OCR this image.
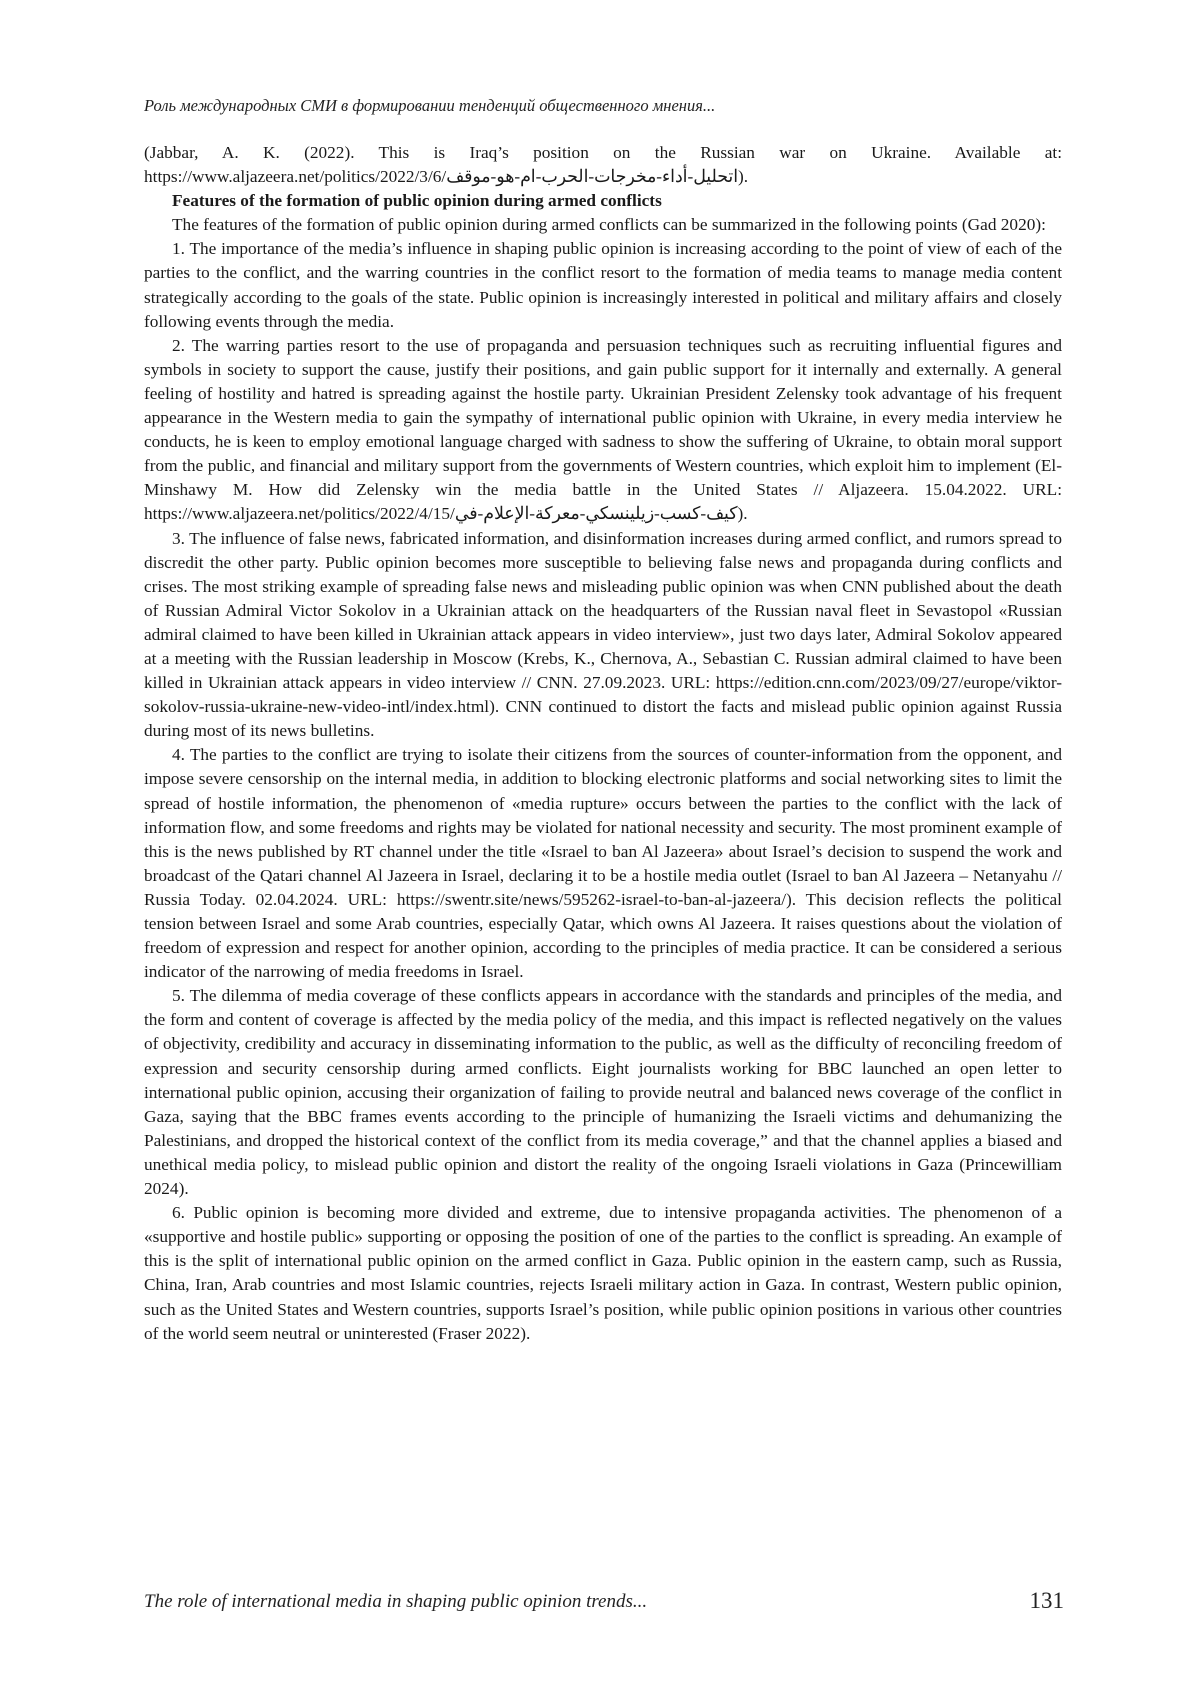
Роль международных СМИ в формировании тенденций общественного мнения...

(Jabbar, A. K. (2022). This is Iraq’s position on the Russian war on Ukraine. Available at: https://www.aljazeera.net/politics/2022/3/6/اتحليل-أداء-مخرجات-الحرب-ام-هو-موقف).

Features of the formation of public opinion during armed conflicts

The features of the formation of public opinion during armed conflicts can be summarized in the following points (Gad 2020):

1. The importance of the media’s influence in shaping public opinion is increasing according to the point of view of each of the parties to the conflict, and the warring countries in the conflict resort to the formation of media teams to manage media content strategically according to the goals of the state. Public opinion is increasingly interested in political and military affairs and closely following events through the media.

2. The warring parties resort to the use of propaganda and persuasion techniques such as recruiting influential figures and symbols in society to support the cause, justify their positions, and gain public support for it internally and externally. A general feeling of hostility and hatred is spreading against the hostile party. Ukrainian President Zelensky took advantage of his frequent appearance in the Western media to gain the sympathy of international public opinion with Ukraine, in every media interview he conducts, he is keen to employ emotional language charged with sadness to show the suffering of Ukraine, to obtain moral support from the public, and financial and military support from the governments of Western countries, which exploit him to implement (El-Minshawy M. How did Zelensky win the media battle in the United States // Aljazeera. 15.04.2022. URL: https://www.aljazeera.net/politics/2022/4/15/كيف-كسب-زيلينسكي-معركة-الإعلام-في).

3. The influence of false news, fabricated information, and disinformation increases during armed conflict, and rumors spread to discredit the other party. Public opinion becomes more susceptible to believing false news and propaganda during conflicts and crises. The most striking example of spreading false news and misleading public opinion was when CNN published about the death of Russian Admiral Victor Sokolov in a Ukrainian attack on the headquarters of the Russian naval fleet in Sevastopol «Russian admiral claimed to have been killed in Ukrainian attack appears in video interview», just two days later, Admiral Sokolov appeared at a meeting with the Russian leadership in Moscow (Krebs, K., Chernova, A., Sebastian C. Russian admiral claimed to have been killed in Ukrainian attack appears in video interview // CNN. 27.09.2023. URL: https://edition.cnn.com/2023/09/27/europe/viktor-sokolov-russia-ukraine-new-video-intl/index.html). CNN continued to distort the facts and mislead public opinion against Russia during most of its news bulletins.

4. The parties to the conflict are trying to isolate their citizens from the sources of counter-information from the opponent, and impose severe censorship on the internal media, in addition to blocking electronic platforms and social networking sites to limit the spread of hostile information, the phenomenon of «media rupture» occurs between the parties to the conflict with the lack of information flow, and some freedoms and rights may be violated for national necessity and security. The most prominent example of this is the news published by RT channel under the title «Israel to ban Al Jazeera» about Israel’s decision to suspend the work and broadcast of the Qatari channel Al Jazeera in Israel, declaring it to be a hostile media outlet (Israel to ban Al Jazeera – Netanyahu // Russia Today. 02.04.2024. URL: https://swentr.site/news/595262-israel-to-ban-al-jazeera/). This decision reflects the political tension between Israel and some Arab countries, especially Qatar, which owns Al Jazeera. It raises questions about the violation of freedom of expression and respect for another opinion, according to the principles of media practice. It can be considered a serious indicator of the narrowing of media freedoms in Israel.

5. The dilemma of media coverage of these conflicts appears in accordance with the standards and principles of the media, and the form and content of coverage is affected by the media policy of the media, and this impact is reflected negatively on the values of objectivity, credibility and accuracy in disseminating information to the public, as well as the difficulty of reconciling freedom of expression and security censorship during armed conflicts. Eight journalists working for BBC launched an open letter to international public opinion, accusing their organization of failing to provide neutral and balanced news coverage of the conflict in Gaza, saying that the BBC frames events according to the principle of humanizing the Israeli victims and dehumanizing the Palestinians, and dropped the historical context of the conflict from its media coverage,” and that the channel applies a biased and unethical media policy, to mislead public opinion and distort the reality of the ongoing Israeli violations in Gaza (Princewilliam 2024).

6. Public opinion is becoming more divided and extreme, due to intensive propaganda activities. The phenomenon of a «supportive and hostile public» supporting or opposing the position of one of the parties to the conflict is spreading. An example of this is the split of international public opinion on the armed conflict in Gaza. Public opinion in the eastern camp, such as Russia, China, Iran, Arab countries and most Islamic countries, rejects Israeli military action in Gaza. In contrast, Western public opinion, such as the United States and Western countries, supports Israel’s position, while public opinion positions in various other countries of the world seem neutral or uninterested (Fraser 2022).

The role of international media in shaping public opinion trends...	131
